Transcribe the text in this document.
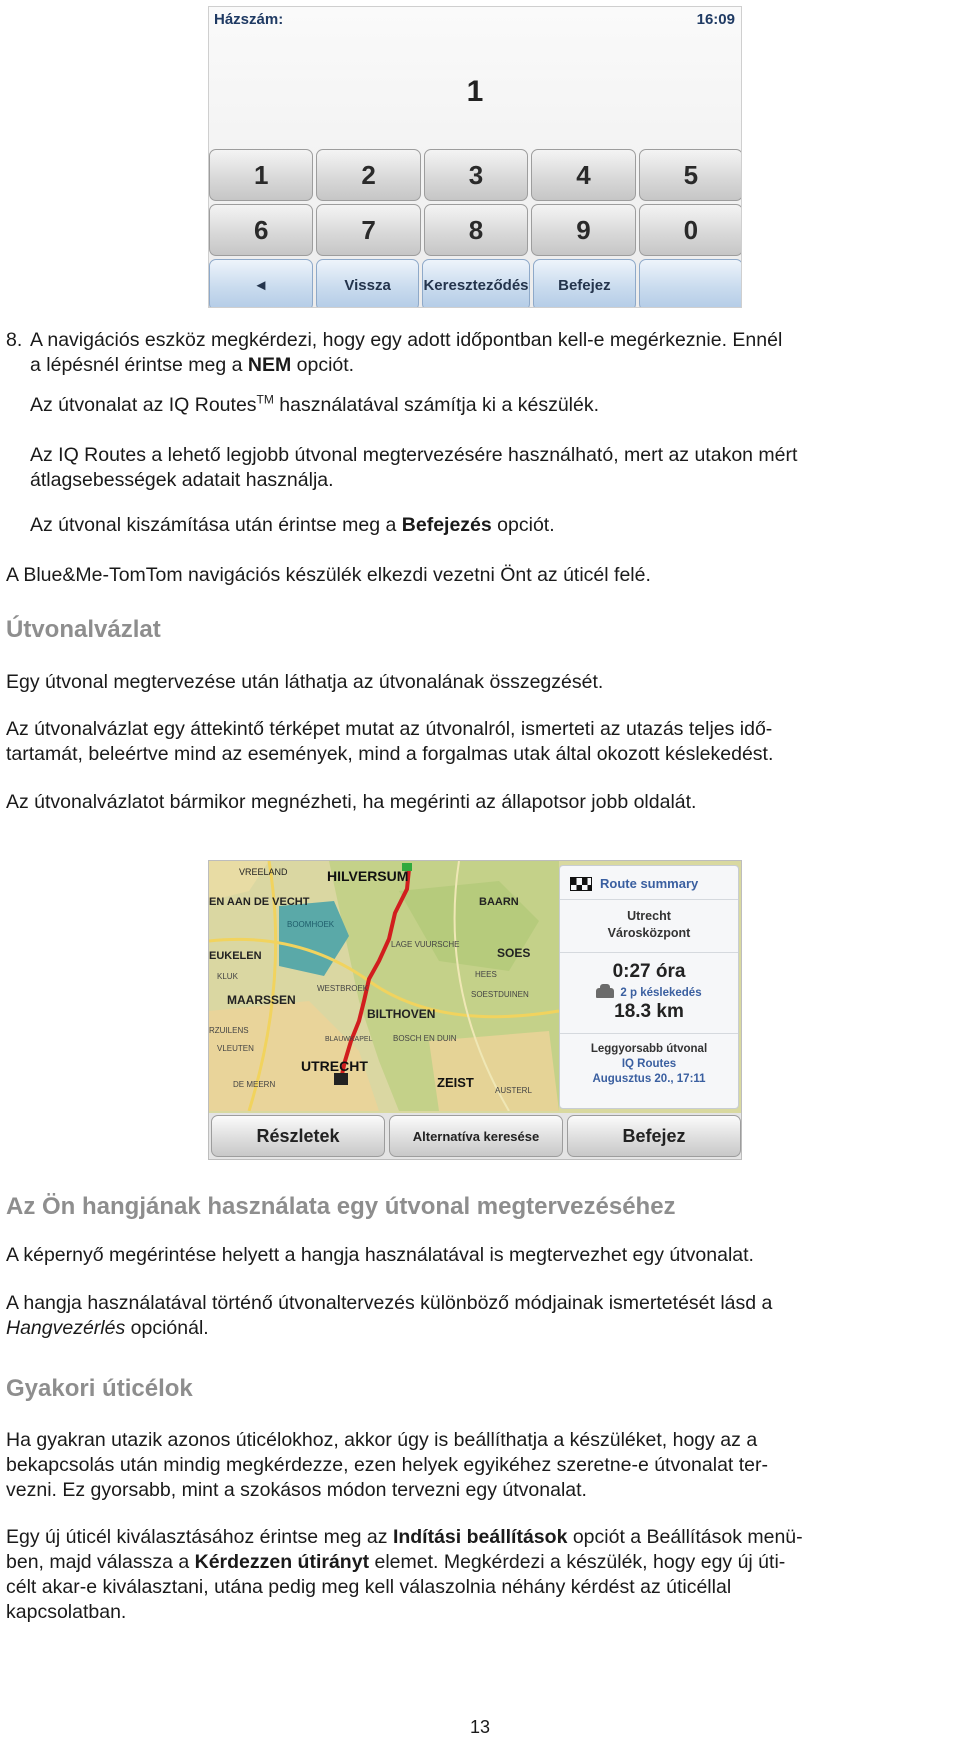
Házszám:	16:09
1
1	2	3	4	5
6	7	8	9	0
◄	Vissza	Kereszteződés	Befejez
8. A navigációs eszköz megkérdezi, hogy egy adott időpontban kell-e megérkeznie. Ennél
a lépésnél érintse meg a NEM opciót.
Az útvonalat az IQ Routes™ használatával számítja ki a készülék.
Az IQ Routes a lehető legjobb útvonal megtervezésére használható, mert az utakon mért
átlagsebességek adatait használja.
Az útvonal kiszámítása után érintse meg a Befejezés opciót.
A Blue&Me-TomTom navigációs készülék elkezdi vezetni Önt az úticél felé.
Útvonalvázlat
Egy útvonal megtervezése után láthatja az útvonalának összegzését.
Az útvonalvázlat egy áttekintő térképet mutat az útvonalról, ismerteti az utazás teljes idő-
tartamát, beleértve mind az események, mind a forgalmas utak által okozott késlekedést.
Az útvonalvázlatot bármikor megnézheti, ha megérinti az állapotsor jobb oldalát.
VREELAND	HILVERSUM
EN AAN DE VECHT	BAARN
BOOMHOEK
EUKELEN
LAGE VUURSCHE
SOES
HEES
KLUK
WESTBROEK
SOESTDUINEN
MAARSSEN
BILTHOVEN
RZUILENS
BLAUWKAPEL	BOSCH EN DUIN
VLEUTEN
UTRECHT
ZEIST
DE MEERN
AUSTERL
Route summary
Utrecht
Városközpont
0:27 óra
2 p késlekedés
18.3 km
Leggyorsabb útvonal
IQ Routes
Augusztus 20., 17:11
Részletek	Alternatíva keresése	Befejez
Az Ön hangjának használata egy útvonal megtervezéséhez
A képernyő megérintése helyett a hangja használatával is megtervezhet egy útvonalat.
A hangja használatával történő útvonaltervezés különböző módjainak ismertetését lásd a
Hangvezérlés opciónál.
Gyakori úticélok
Ha gyakran utazik azonos úticélokhoz, akkor úgy is beállíthatja a készüléket, hogy az a
bekapcsolás után mindig megkérdezze, ezen helyek egyikéhez szeretne-e útvonalat ter-
vezni. Ez gyorsabb, mint a szokásos módon tervezni egy útvonalat.
Egy új úticél kiválasztásához érintse meg az Indítási beállítások opciót a Beállítások menü-
ben, majd válassza a Kérdezzen útirányt elemet. Megkérdezi a készülék, hogy egy új úti-
célt akar-e kiválasztani, utána pedig meg kell válaszolnia néhány kérdést az úticéllal
kapcsolatban.
13
